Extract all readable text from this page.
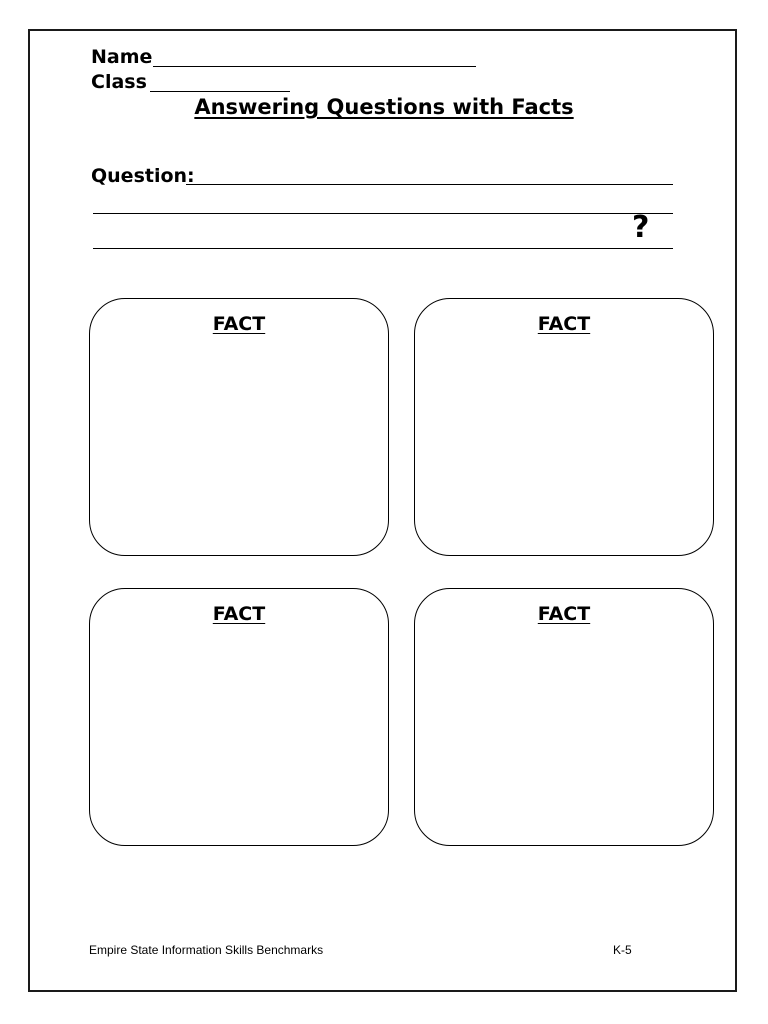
Name
Class
Answering Questions with Facts
Question:
?
FACT	FACT
FACT	FACT
Empire State Information Skills Benchmarks	K-5
